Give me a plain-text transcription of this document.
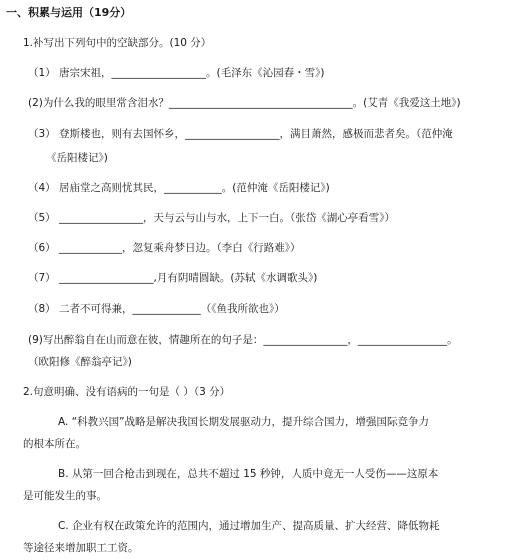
一、积累与运用（19分）
1.补写出下列句中的空缺部分。(10 分）
（1） 唐宗宋祖，__________________。(毛泽东《沁园春・雪》)
(2)为什么我的眼里常含泪水？___________________________________。(艾青《我爱这土地》)
（3） 登斯楼也，则有去国怀乡，__________________，满目萧然，感极而悲者矣。（范仲淹
《岳阳楼记》)
（4） 居庙堂之高则忧其民，___________。(范仲淹《岳阳楼记》)
（5） ________________，天与云与山与水，上下一白。（张岱《湖心亭看雪》）
（6） ____________，忽复乘舟梦日边。（李白《行路难》）
（7） __________________,月有阴晴圆缺。(苏轼《水调歌头》)
（8） 二者不可得兼，_____________（《鱼我所欲也》）
(9)写出醉翁自在山而意在彼，情趣所在的句子是：________________，_________________。
（欧阳修《醉翁亭记》)
2.句意明确、没有语病的一句是（ ）（3 分）
A. “科教兴国”战略是解决我国长期发展驱动力，提升综合国力，增强国际竞争力
的根本所在。
B. 从第一回合枪击到现在，总共不超过 15 秒钟，人质中竟无一人受伤——这原本
是可能发生的事。
C. 企业有权在政策允许的范围内，通过增加生产、提高质量、扩大经营、降低物耗
等途径来增加职工工资。
